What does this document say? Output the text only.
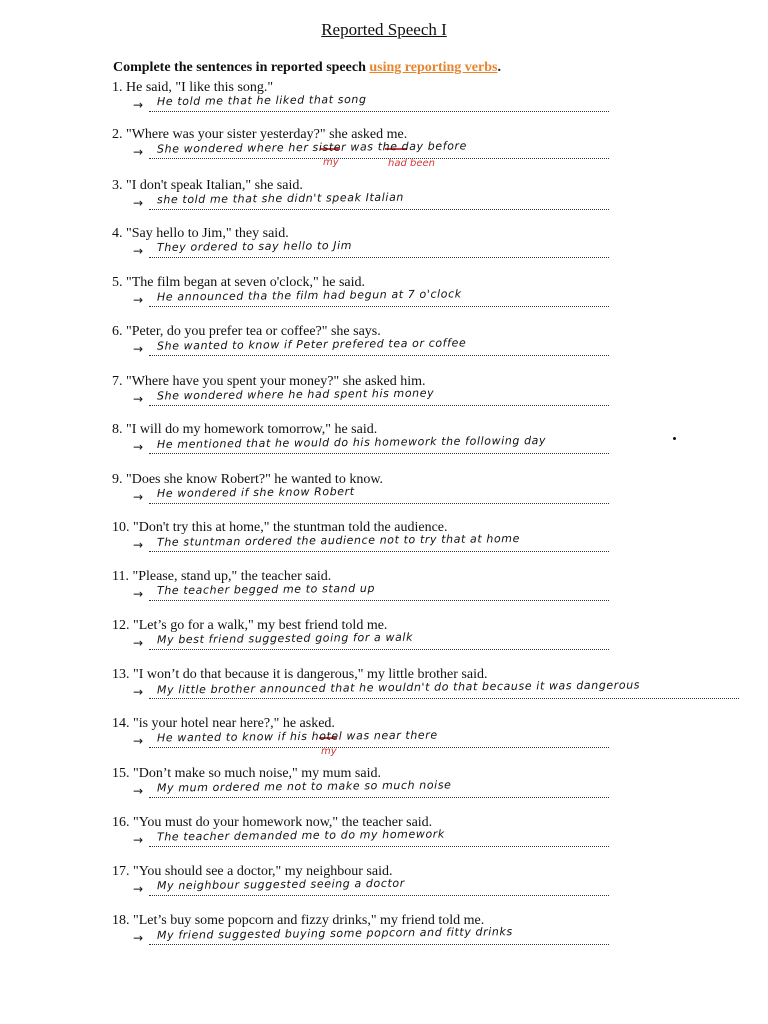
Reported Speech I
Complete the sentences in reported speech using reporting verbs.
1. He said, "I like this song."
→ He told me that he liked that song
2. "Where was your sister yesterday?" she asked me.
→ She wondered where her sister was the day before
my	had been
3. "I don't speak Italian," she said.
→ she told me that she didn't speak Italian
4. "Say hello to Jim," they said.
→ They ordered to say hello to Jim
5. "The film began at seven o'clock," he said.
→ He announced tha the film had begun at 7 o'clock
6. "Peter, do you prefer tea or coffee?" she says.
→ She wanted to know if Peter prefered tea or coffee
7. "Where have you spent your money?" she asked him.
→ She wondered where he had spent his money
8. "I will do my homework tomorrow," he said.
→ He mentioned that he would do his homework the following day
9. "Does she know Robert?" he wanted to know.
→ He wondered if she know Robert
10. "Don't try this at home," the stuntman told the audience.
→ The stuntman ordered the audience not to try that at home
11. "Please, stand up," the teacher said.
→ The teacher begged me to stand up
12. "Let’s go for a walk," my best friend told me.
→ My best friend suggested going for a walk
13. "I won’t do that because it is dangerous," my little brother said.
→ My little brother announced that he wouldn't do that because it was dangerous
14. "is your hotel near here?," he asked.
→ He wanted to know if his hotel was near there
my
15. "Don’t make so much noise," my mum said.
→ My mum ordered me not to make so much noise
16. "You must do your homework now," the teacher said.
→ The teacher demanded me to do my homework
17. "You should see a doctor," my neighbour said.
→ My neighbour suggested seeing a doctor
18. "Let’s buy some popcorn and fizzy drinks," my friend told me.
→ My friend suggested buying some popcorn and fitty drinks
